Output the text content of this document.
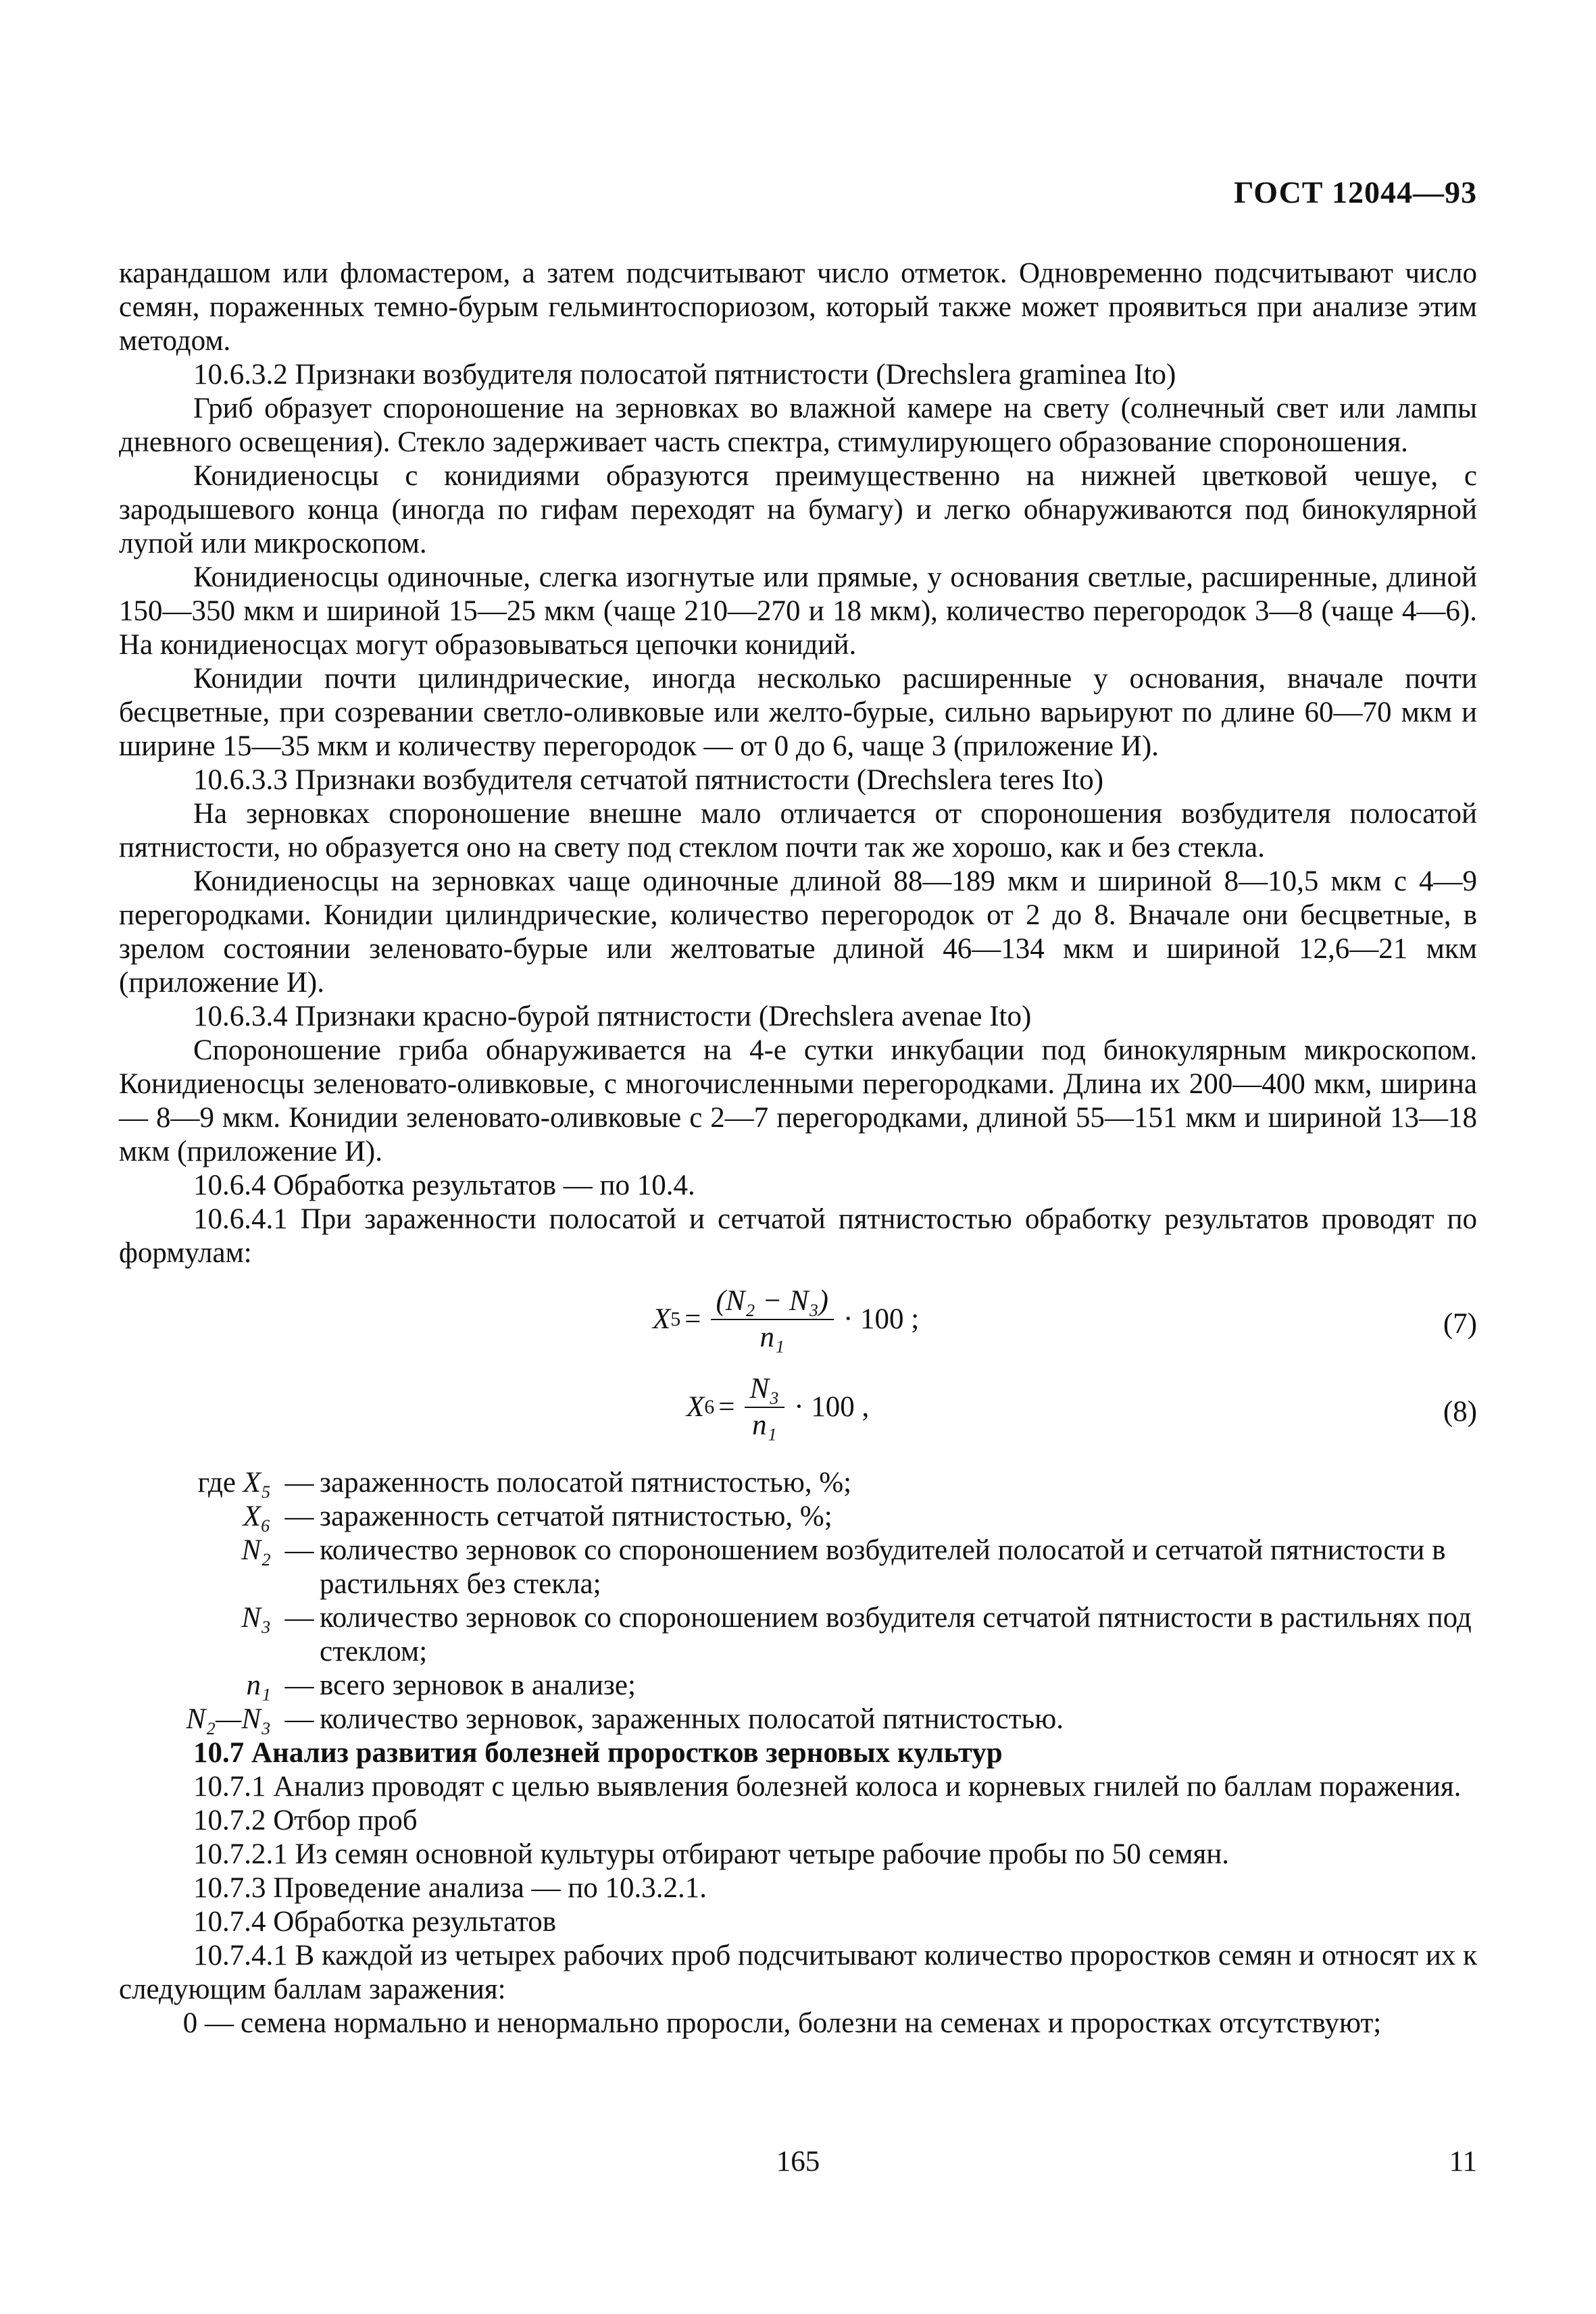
ГОСТ 12044—93

карандашом или фломастером, а затем подсчитывают число отметок. Одновременно подсчитывают число семян, пораженных темно-бурым гельминтоспориозом, который также может проявиться при анализе этим методом.

10.6.3.2 Признаки возбудителя полосатой пятнистости (Drechslera graminea Ito)

Гриб образует спороношение на зерновках во влажной камере на свету (солнечный свет или лампы дневного освещения). Стекло задерживает часть спектра, стимулирующего образование спороношения.

Конидиеносцы с конидиями образуются преимущественно на нижней цветковой чешуе, с зародышевого конца (иногда по гифам переходят на бумагу) и легко обнаруживаются под бинокулярной лупой или микроскопом.

Конидиеносцы одиночные, слегка изогнутые или прямые, у основания светлые, расширенные, длиной 150—350 мкм и шириной 15—25 мкм (чаще 210—270 и 18 мкм), количество перегородок 3—8 (чаще 4—6). На конидиеносцах могут образовываться цепочки конидий.

Конидии почти цилиндрические, иногда несколько расширенные у основания, вначале почти бесцветные, при созревании светло-оливковые или желто-бурые, сильно варьируют по длине 60—70 мкм и ширине 15—35 мкм и количеству перегородок — от 0 до 6, чаще 3 (приложение И).

10.6.3.3 Признаки возбудителя сетчатой пятнистости (Drechslera teres Ito)

На зерновках спороношение внешне мало отличается от спороношения возбудителя полосатой пятнистости, но образуется оно на свету под стеклом почти так же хорошо, как и без стекла.

Конидиеносцы на зерновках чаще одиночные длиной 88—189 мкм и шириной 8—10,5 мкм с 4—9 перегородками. Конидии цилиндрические, количество перегородок от 2 до 8. Вначале они бесцветные, в зрелом состоянии зеленовато-бурые или желтоватые длиной 46—134 мкм и шириной 12,6—21 мкм (приложение И).

10.6.3.4 Признаки красно-бурой пятнистости (Drechslera avenae Ito)

Спороношение гриба обнаруживается на 4-е сутки инкубации под бинокулярным микроскопом. Конидиеносцы зеленовато-оливковые, с многочисленными перегородками. Длина их 200—400 мкм, ширина — 8—9 мкм. Конидии зеленовато-оливковые с 2—7 перегородками, длиной 55—151 мкм и шириной 13—18 мкм (приложение И).

10.6.4 Обработка результатов — по 10.4.

10.6.4.1 При зараженности полосатой и сетчатой пятнистостью обработку результатов проводят по формулам:

X $5 = \frac{\text{(N₂ − N₃)}}{\text{n₁}} \cdot 100$ ;	(7)
X $6 = \frac{\text{N₃}}{\text{n₁}} \cdot 100$ ,	(8)
где X₅ — зараженность полосатой пятнистостью, %;
X₆ — зараженность сетчатой пятнистостью, %;
N₂ — количество зерновок со спороношением возбудителей полосатой и сетчатой пятнистости в растильнях без стекла;
N₃ — количество зерновок со спороношением возбудителя сетчатой пятнистости в растильнях под стеклом;
n₁ — всего зерновок в анализе;
N₂—N₃ — количество зерновок, зараженных полосатой пятнистостью.

10.7 Анализ развития болезней проростков зерновых культур

10.7.1 Анализ проводят с целью выявления болезней колоса и корневых гнилей по баллам поражения.

10.7.2 Отбор проб

10.7.2.1 Из семян основной культуры отбирают четыре рабочие пробы по 50 семян.

10.7.3 Проведение анализа — по 10.3.2.1.

10.7.4 Обработка результатов

10.7.4.1 В каждой из четырех рабочих проб подсчитывают количество проростков семян и относят их к следующим баллам заражения:

0 — семена нормально и ненормально проросли, болезни на семенах и проростках отсутствуют;
165	11
